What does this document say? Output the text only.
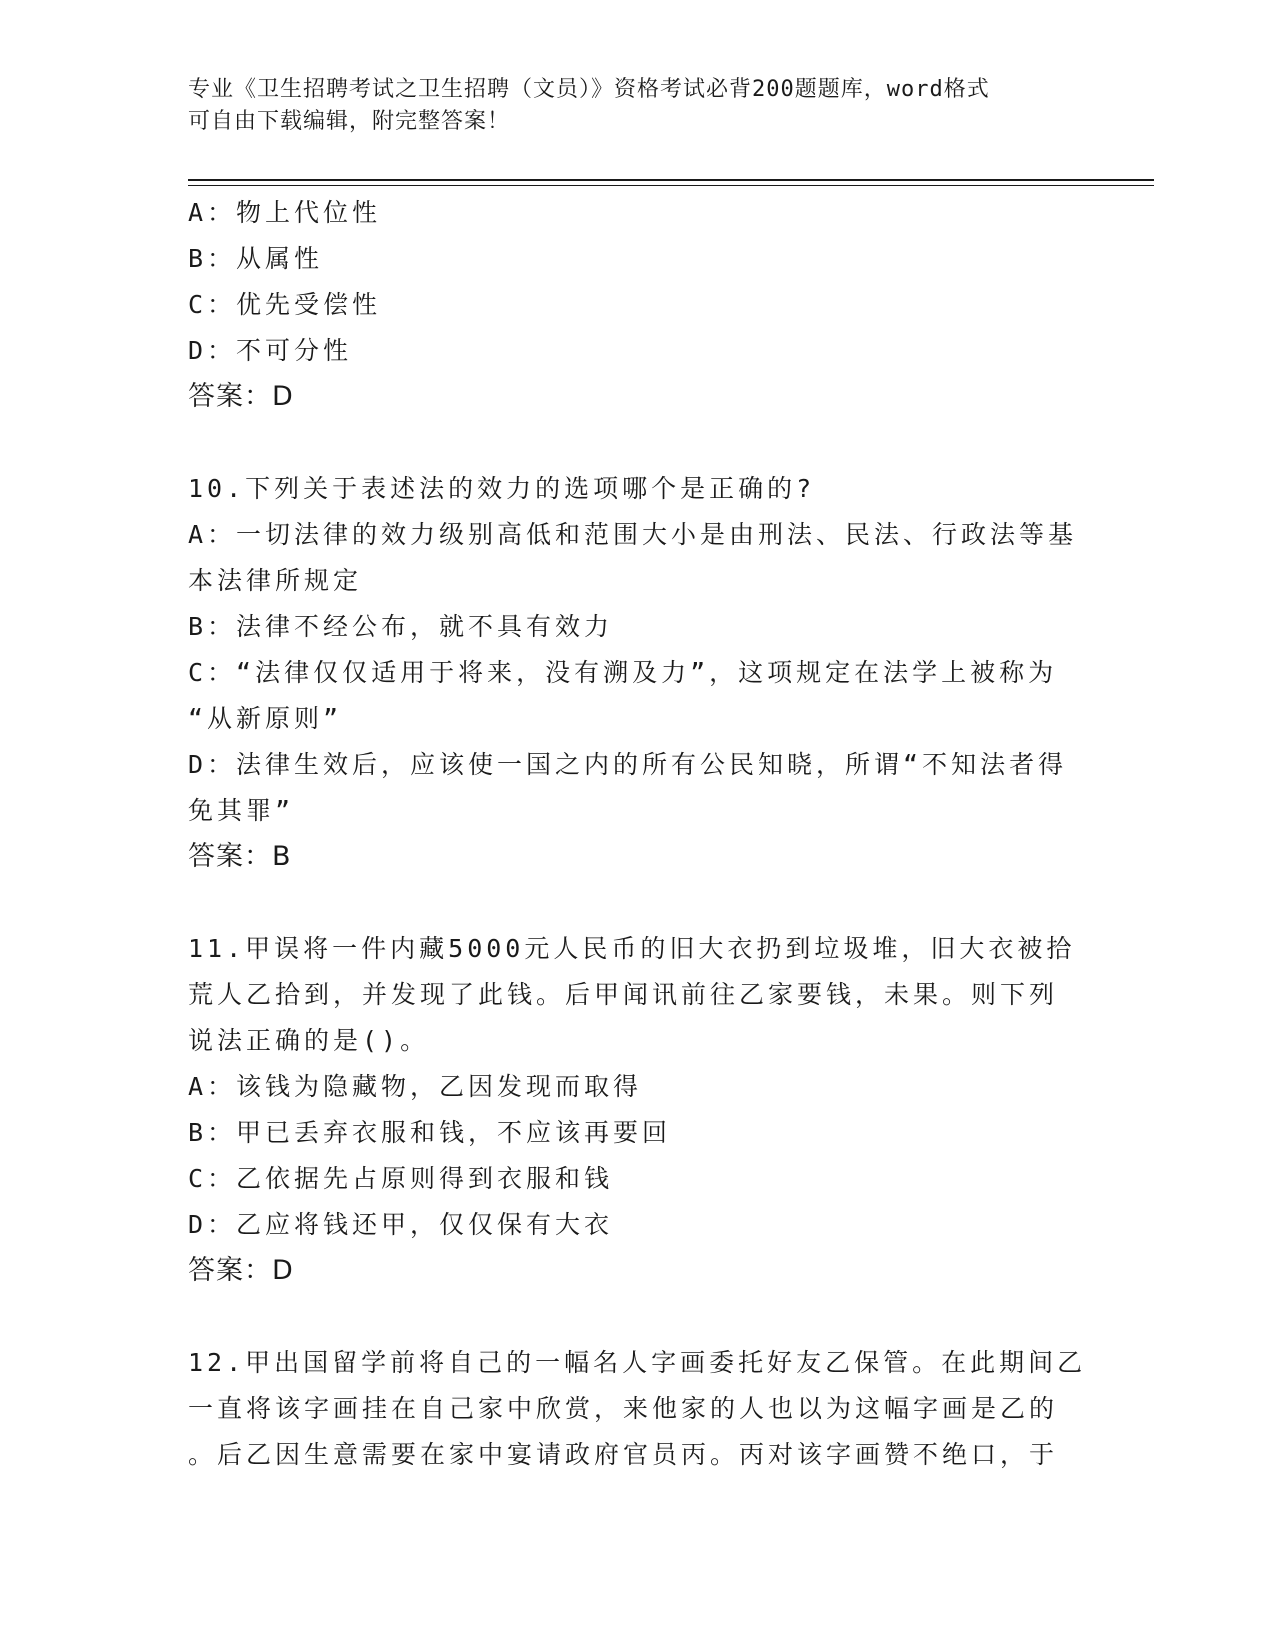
专业《卫生招聘考试之卫生招聘（文员）》资格考试必背200题题库，word格式
可自由下载编辑，附完整答案！
A：物上代位性
B：从属性
C：优先受偿性
D：不可分性
答案：D
10.下列关于表述法的效力的选项哪个是正确的?
A：一切法律的效力级别高低和范围大小是由刑法、民法、行政法等基
本法律所规定
B：法律不经公布，就不具有效力
C：“法律仅仅适用于将来，没有溯及力”，这项规定在法学上被称为
“从新原则”
D：法律生效后，应该使一国之内的所有公民知晓，所谓“不知法者得
免其罪”
答案：B
11.甲误将一件内藏5000元人民币的旧大衣扔到垃圾堆，旧大衣被拾
荒人乙拾到，并发现了此钱。后甲闻讯前往乙家要钱，未果。则下列
说法正确的是()。
A：该钱为隐藏物，乙因发现而取得
B：甲已丢弃衣服和钱，不应该再要回
C：乙依据先占原则得到衣服和钱
D：乙应将钱还甲，仅仅保有大衣
答案：D
12.甲出国留学前将自己的一幅名人字画委托好友乙保管。在此期间乙
一直将该字画挂在自己家中欣赏，来他家的人也以为这幅字画是乙的
。后乙因生意需要在家中宴请政府官员丙。丙对该字画赞不绝口，于
